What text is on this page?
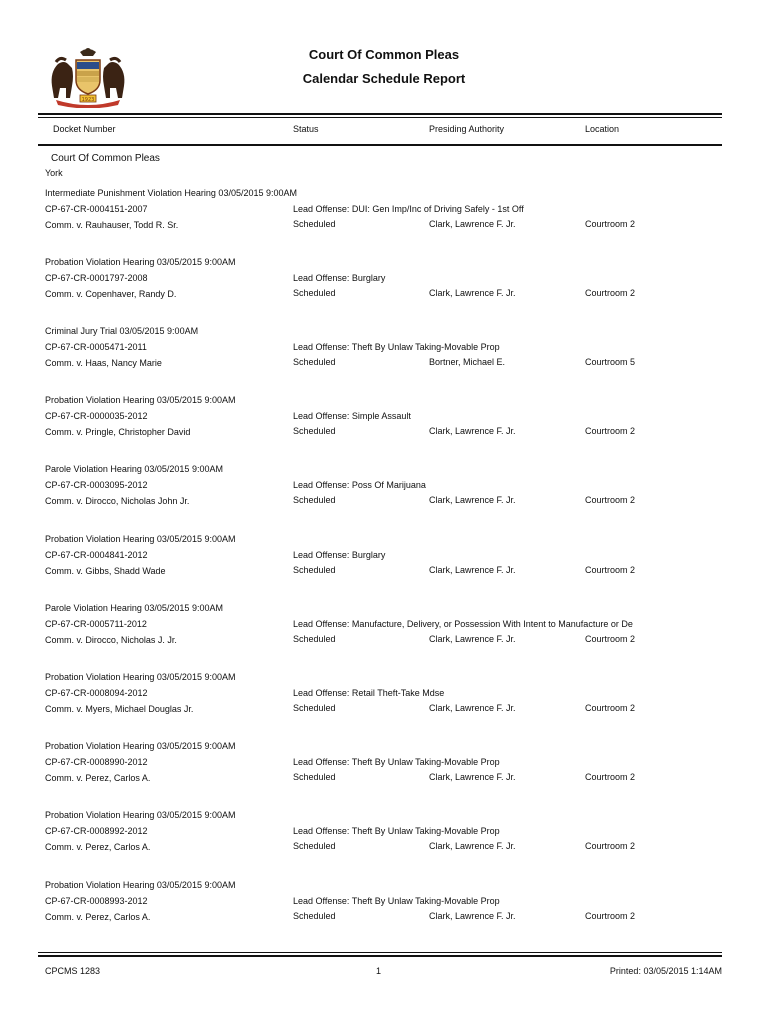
1923
Court Of Common Pleas
Calendar Schedule Report
Docket Number	Status	Presiding Authority	Location
Court Of Common Pleas
York
Intermediate Punishment Violation Hearing 03/05/2015 9:00AM
CP-67-CR-0004151-2007	Lead Offense: DUI: Gen Imp/Inc of Driving Safely - 1st Off
Comm. v. Rauhauser, Todd R. Sr.	Scheduled	Clark, Lawrence F. Jr.	Courtroom 2
Probation Violation Hearing 03/05/2015 9:00AM
CP-67-CR-0001797-2008	Lead Offense: Burglary
Comm. v. Copenhaver, Randy D.	Scheduled	Clark, Lawrence F. Jr.	Courtroom 2
Criminal Jury Trial 03/05/2015 9:00AM
CP-67-CR-0005471-2011	Lead Offense: Theft By Unlaw Taking-Movable Prop
Comm. v. Haas, Nancy Marie	Scheduled	Bortner, Michael E.	Courtroom 5
Probation Violation Hearing 03/05/2015 9:00AM
CP-67-CR-0000035-2012	Lead Offense: Simple Assault
Comm. v. Pringle, Christopher David	Scheduled	Clark, Lawrence F. Jr.	Courtroom 2
Parole Violation Hearing 03/05/2015 9:00AM
CP-67-CR-0003095-2012	Lead Offense: Poss Of Marijuana
Comm. v. Dirocco, Nicholas John Jr.	Scheduled	Clark, Lawrence F. Jr.	Courtroom 2
Probation Violation Hearing 03/05/2015 9:00AM
CP-67-CR-0004841-2012	Lead Offense: Burglary
Comm. v. Gibbs, Shadd Wade	Scheduled	Clark, Lawrence F. Jr.	Courtroom 2
Parole Violation Hearing 03/05/2015 9:00AM
CP-67-CR-0005711-2012	Lead Offense: Manufacture, Delivery, or Possession With Intent to Manufacture or De
Comm. v. Dirocco, Nicholas J. Jr.	Scheduled	Clark, Lawrence F. Jr.	Courtroom 2
Probation Violation Hearing 03/05/2015 9:00AM
CP-67-CR-0008094-2012	Lead Offense: Retail Theft-Take Mdse
Comm. v. Myers, Michael Douglas Jr.	Scheduled	Clark, Lawrence F. Jr.	Courtroom 2
Probation Violation Hearing 03/05/2015 9:00AM
CP-67-CR-0008990-2012	Lead Offense: Theft By Unlaw Taking-Movable Prop
Comm. v. Perez, Carlos A.	Scheduled	Clark, Lawrence F. Jr.	Courtroom 2
Probation Violation Hearing 03/05/2015 9:00AM
CP-67-CR-0008992-2012	Lead Offense: Theft By Unlaw Taking-Movable Prop
Comm. v. Perez, Carlos A.	Scheduled	Clark, Lawrence F. Jr.	Courtroom 2
Probation Violation Hearing 03/05/2015 9:00AM
CP-67-CR-0008993-2012	Lead Offense: Theft By Unlaw Taking-Movable Prop
Comm. v. Perez, Carlos A.	Scheduled	Clark, Lawrence F. Jr.	Courtroom 2
CPCMS 1283	1	Printed: 03/05/2015 1:14AM
